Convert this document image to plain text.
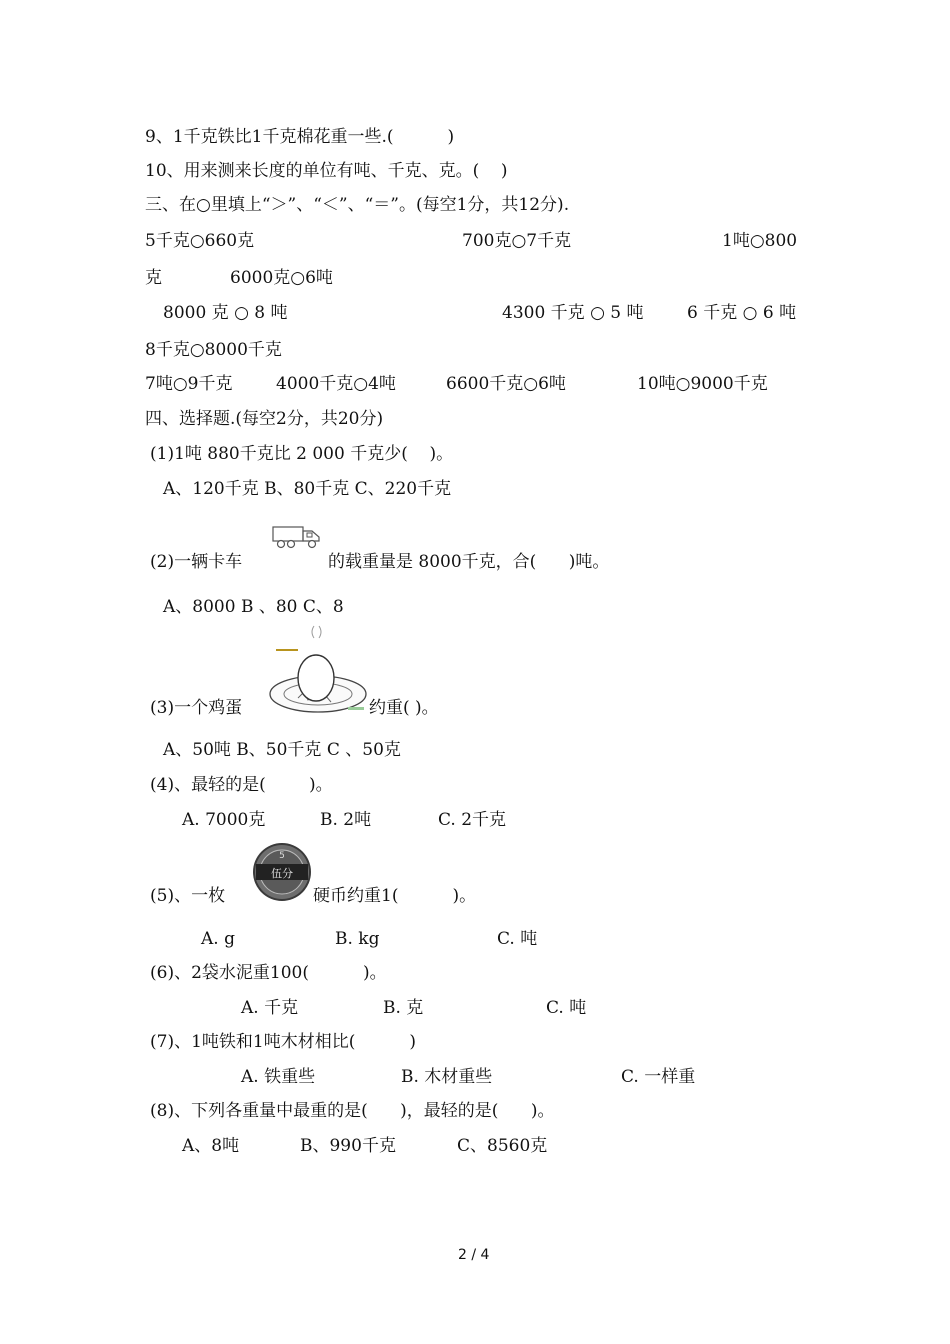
9、1千克铁比1千克棉花重一些.(          )
10、用来测来长度的单位有吨、千克、克。(    )
三、在○里填上“＞”、“＜”、“＝”。(每空1分，共12分).
5千克○660克	700克○7千克	1吨○800
克	6000克○6吨
8000 克 ○ 8 吨	4300 千克 ○ 5 吨	6 千克 ○ 6 吨
8千克○8000千克
7吨○9千克	4000千克○4吨	6600千克○6吨	10吨○9000千克
四、选择题.(每空2分，共20分)
(1)1吨 880千克比 2 000 千克少(    )。
A、120千克 B、80千克 C、220千克
(2)一辆卡车	的载重量是 8000千克，合(      )吨。
A、8000 B 、80 C、8
(3)一个鸡蛋	约重( )。
A、50吨 B、50千克 C 、50克
(4)、最轻的是(        )。
A. 7000克	B. 2吨	C. 2千克
5
伍分
(5)、一枚	硬币约重1(          )。
A. g	B. kg	C. 吨
(6)、2袋水泥重100(          )。
A. 千克	B. 克	C. 吨
(7)、1吨铁和1吨木材相比(          )
A. 铁重些	B. 木材重些	C. 一样重
(8)、下列各重量中最重的是(      )，最轻的是(      )。
A、8吨	B、990千克	C、8560克
2 / 4
